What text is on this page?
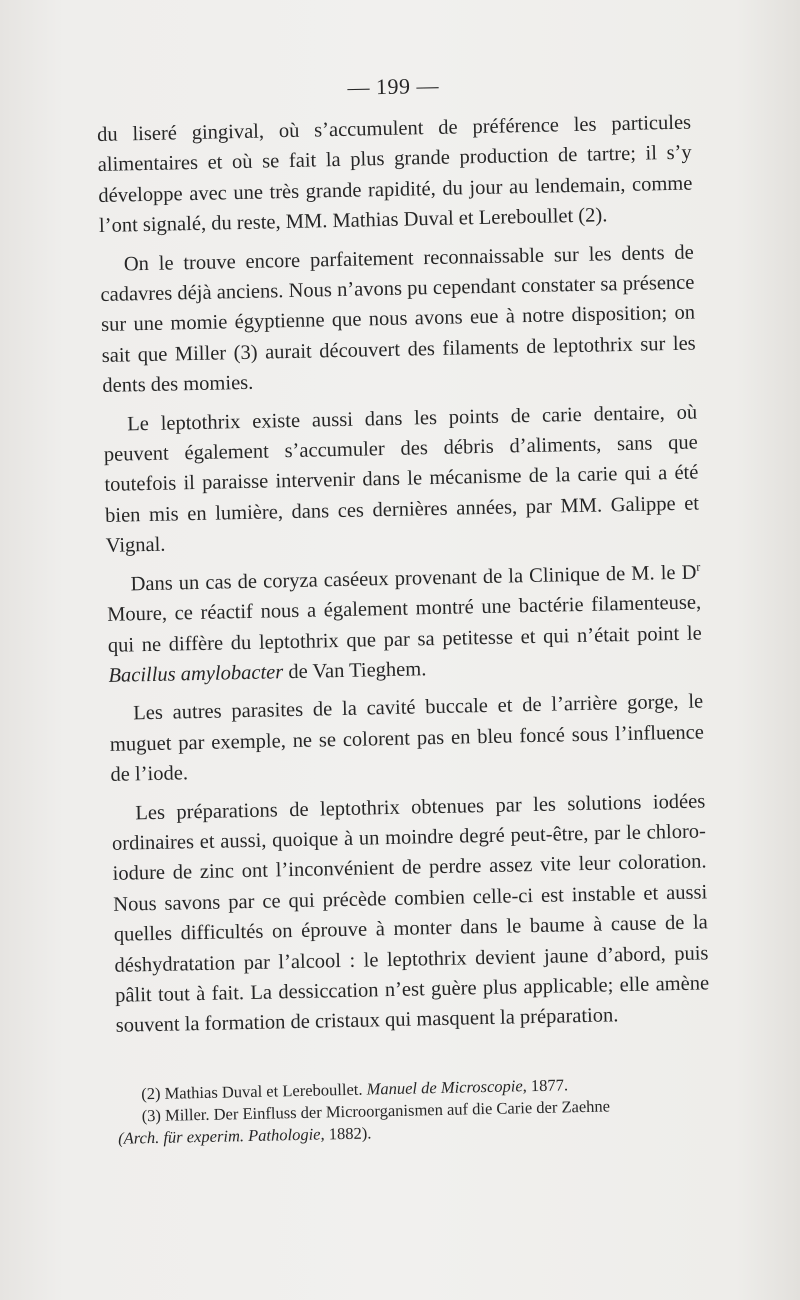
— 199 —

du liseré gingival, où s’accumulent de préférence les particules alimentaires et où se fait la plus grande production de tartre; il s’y développe avec une très grande rapidité, du jour au lendemain, comme l’ont signalé, du reste, MM. Mathias Duval et Lereboullet (2).

On le trouve encore parfaitement reconnaissable sur les dents de cadavres déjà anciens. Nous n’avons pu cependant constater sa présence sur une momie égyptienne que nous avons eue à notre disposition; on sait que Miller (3) aurait découvert des filaments de leptothrix sur les dents des momies.

Le leptothrix existe aussi dans les points de carie dentaire, où peuvent également s’accumuler des débris d’aliments, sans que toutefois il paraisse intervenir dans le mécanisme de la carie qui a été bien mis en lumière, dans ces dernières années, par MM. Galippe et Vignal.

Dans un cas de coryza caséeux provenant de la Clinique de M. le $D^r$ Moure, ce réactif nous a également montré une bactérie filamenteuse, qui ne diffère du leptothrix que par sa petitesse et qui n’était point le Bacillus amylobacter de Van Tieghem.

Les autres parasites de la cavité buccale et de l’arrière gorge, le muguet par exemple, ne se colorent pas en bleu foncé sous l’influence de l’iode.

Les préparations de leptothrix obtenues par les solutions iodées ordinaires et aussi, quoique à un moindre degré peut-être, par le chloro-iodure de zinc ont l’inconvénient de perdre assez vite leur coloration. Nous savons par ce qui précède combien celle-ci est instable et aussi quelles difficultés on éprouve à monter dans le baume à cause de la déshydratation par l’alcool : le leptothrix devient jaune d’abord, puis pâlit tout à fait. La dessiccation n’est guère plus applicable; elle amène souvent la formation de cristaux qui masquent la préparation.

(2) Mathias Duval et Lereboullet. Manuel de Microscopie, 1877.

(3) Miller. Der Einfluss der Microorganismen auf die Carie der Zaehne

(Arch. für experim. Pathologie, 1882).
